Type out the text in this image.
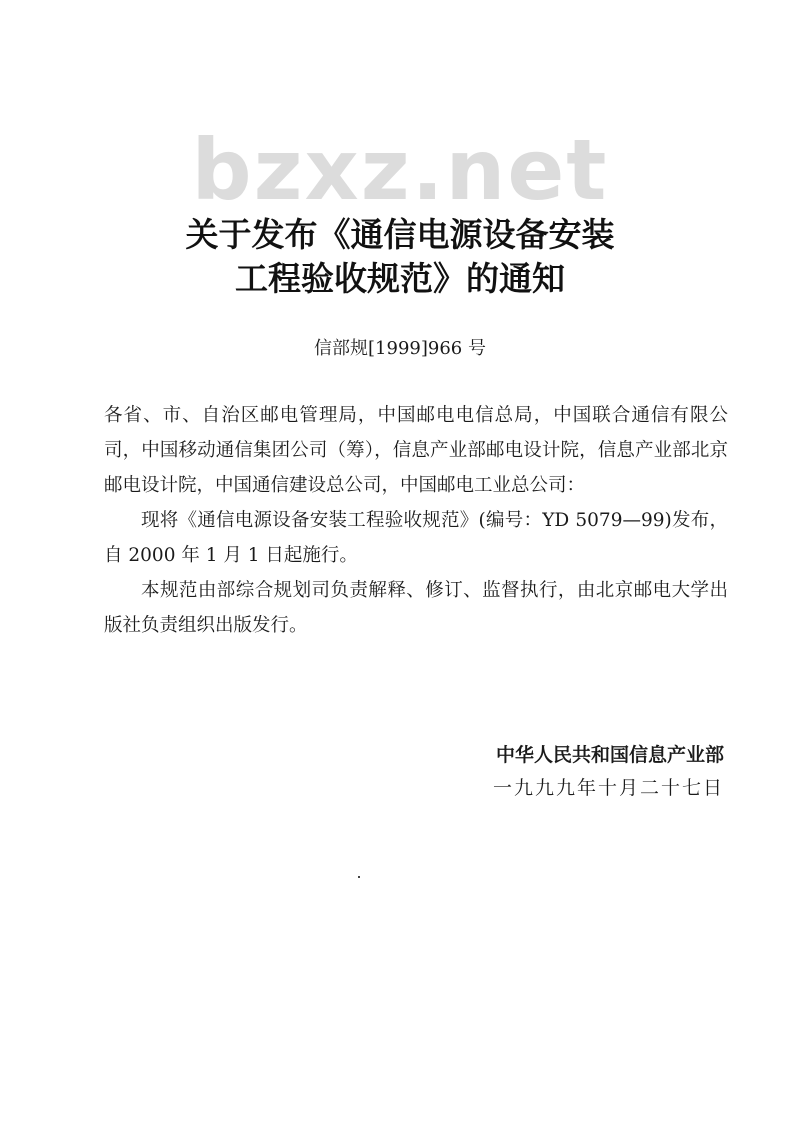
bzxz.net
关于发布《通信电源设备安装
工程验收规范》的通知
信部规[1999]966 号

各省、市、自治区邮电管理局，中国邮电电信总局，中国联合通信有限公司，中国移动通信集团公司（筹），信息产业部邮电设计院，信息产业部北京邮电设计院，中国通信建设总公司，中国邮电工业总公司：

现将《通信电源设备安装工程验收规范》(编号：YD 5079—99)发布，自 2000 年 1 月 1 日起施行。

本规范由部综合规划司负责解释、修订、监督执行，由北京邮电大学出版社负责组织出版发行。

中华人民共和国信息产业部
一九九九年十月二十七日
